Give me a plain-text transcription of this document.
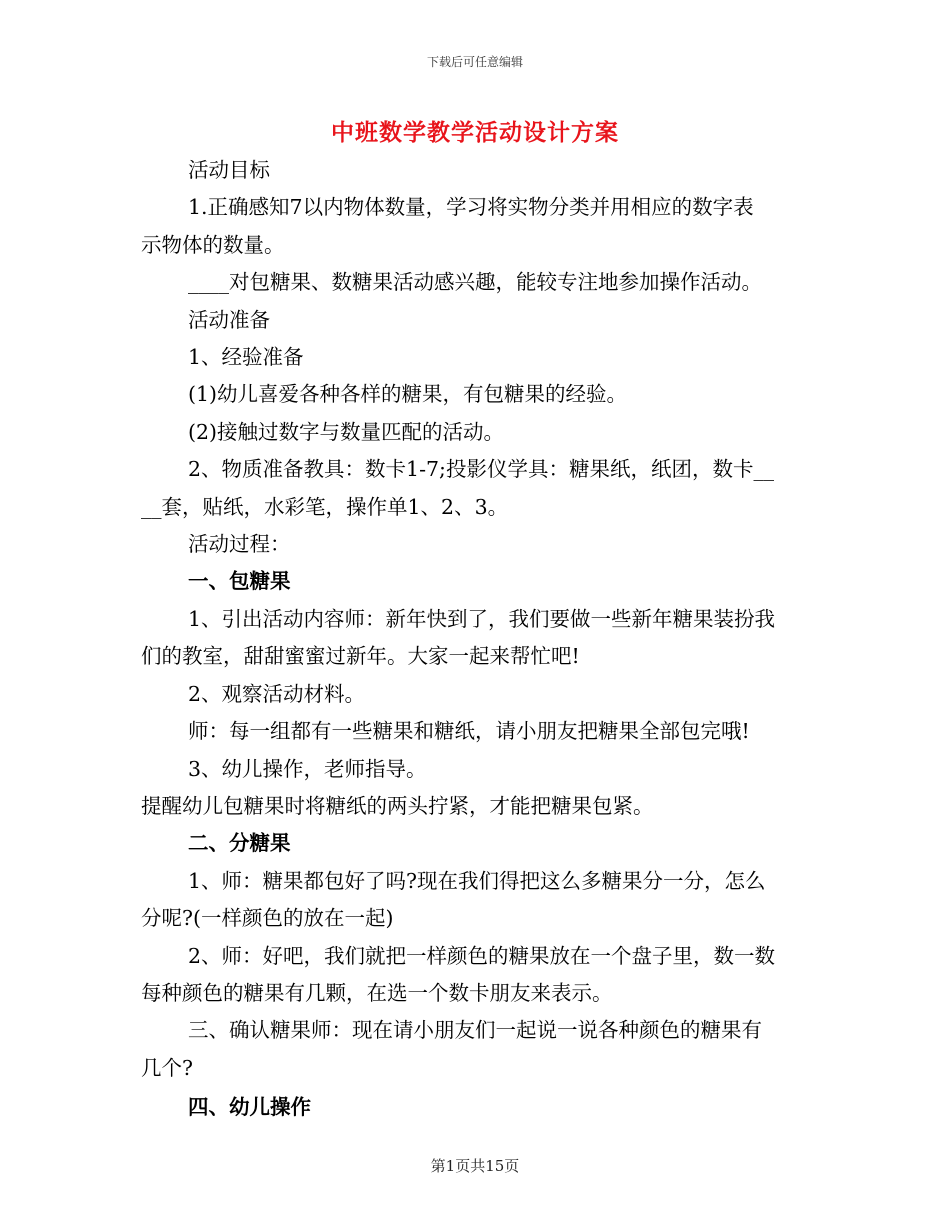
下载后可任意编辑
中班数学教学活动设计方案

活动目标

1.正确感知7以内物体数量，学习将实物分类并用相应的数字表

示物体的数量。

____对包糖果、数糖果活动感兴趣，能较专注地参加操作活动。

活动准备

1、经验准备

(1)幼儿喜爱各种各样的糖果，有包糖果的经验。

(2)接触过数字与数量匹配的活动。

2、物质准备教具：数卡1-7;投影仪学具：糖果纸，纸团，数卡__

__套，贴纸，水彩笔，操作单1、2、3。

活动过程：

一、包糖果

1、引出活动内容师：新年快到了，我们要做一些新年糖果装扮我

们的教室，甜甜蜜蜜过新年。大家一起来帮忙吧!

2、观察活动材料。

师：每一组都有一些糖果和糖纸，请小朋友把糖果全部包完哦!

3、幼儿操作，老师指导。

提醒幼儿包糖果时将糖纸的两头拧紧，才能把糖果包紧。

二、分糖果

1、师：糖果都包好了吗?现在我们得把这么多糖果分一分，怎么

分呢?(一样颜色的放在一起)

2、师：好吧，我们就把一样颜色的糖果放在一个盘子里，数一数

每种颜色的糖果有几颗，在选一个数卡朋友来表示。

三、确认糖果师：现在请小朋友们一起说一说各种颜色的糖果有

几个?

四、幼儿操作

第1页共15页
